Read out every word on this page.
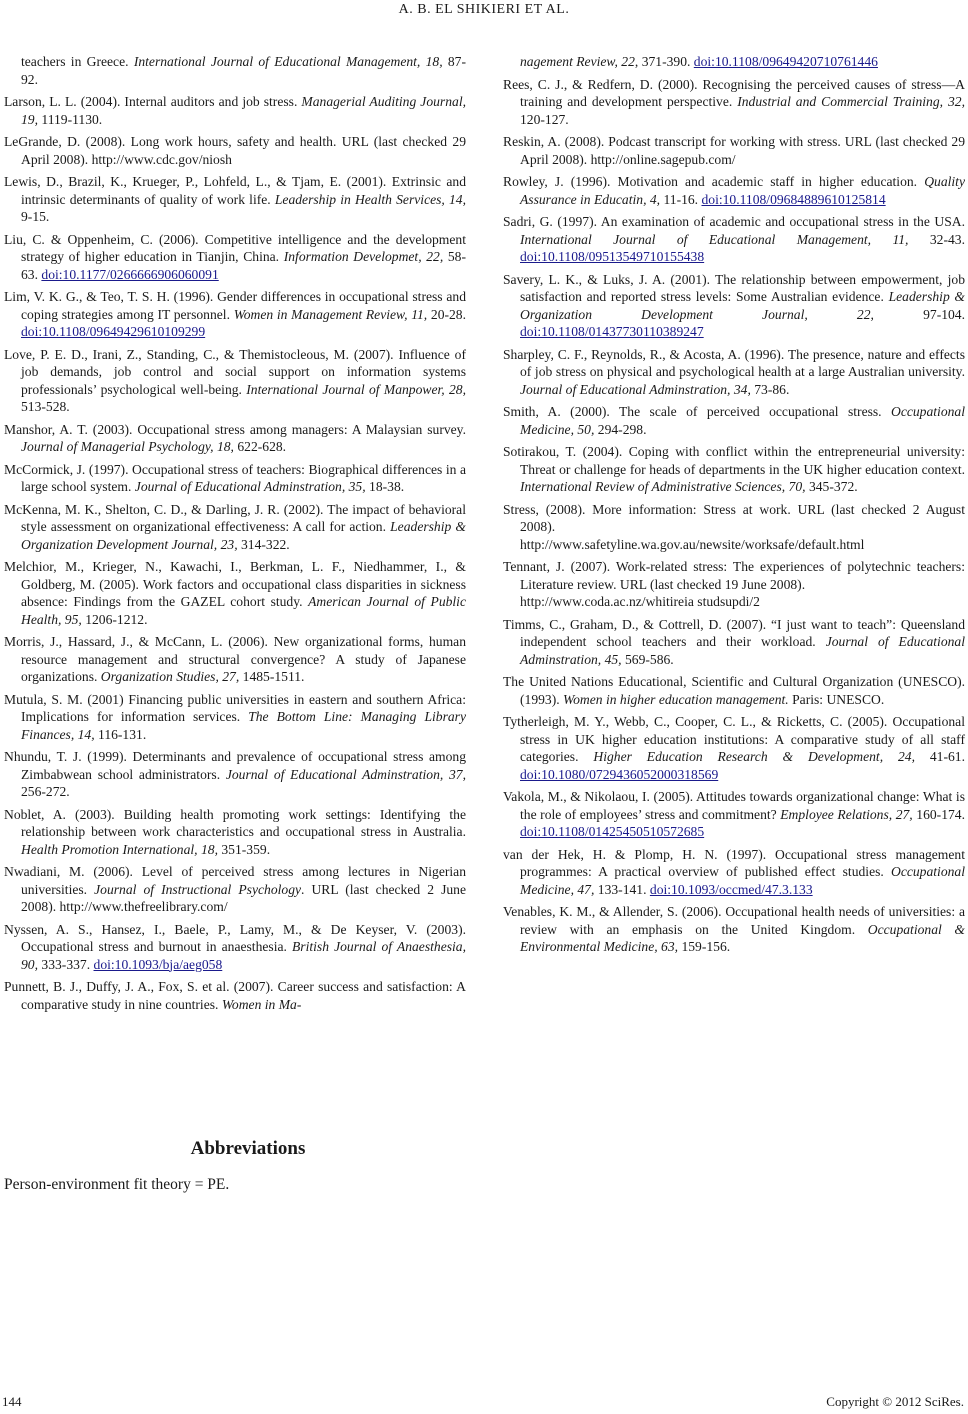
A. B. EL SHIKIERI ET AL.
teachers in Greece. International Journal of Educational Management, 18, 87-92.
Larson, L. L. (2004). Internal auditors and job stress. Managerial Auditing Journal, 19, 1119-1130.
LeGrande, D. (2008). Long work hours, safety and health. URL (last checked 29 April 2008). http://www.cdc.gov/niosh
Lewis, D., Brazil, K., Krueger, P., Lohfeld, L., & Tjam, E. (2001). Extrinsic and intrinsic determinants of quality of work life. Leadership in Health Services, 14, 9-15.
Liu, C. & Oppenheim, C. (2006). Competitive intelligence and the development strategy of higher education in Tianjin, China. Information Developmet, 22, 58-63. doi:10.1177/0266666906060091
Lim, V. K. G., & Teo, T. S. H. (1996). Gender differences in occupational stress and coping strategies among IT personnel. Women in Management Review, 11, 20-28. doi:10.1108/09649429610109299
Love, P. E. D., Irani, Z., Standing, C., & Themistocleous, M. (2007). Influence of job demands, job control and social support on information systems professionals’ psychological well-being. International Journal of Manpower, 28, 513-528.
Manshor, A. T. (2003). Occupational stress among managers: A Malaysian survey. Journal of Managerial Psychology, 18, 622-628.
McCormick, J. (1997). Occupational stress of teachers: Biographical differences in a large school system. Journal of Educational Adminstration, 35, 18-38.
McKenna, M. K., Shelton, C. D., & Darling, J. R. (2002). The impact of behavioral style assessment on organizational effectiveness: A call for action. Leadership & Organization Development Journal, 23, 314-322.
Melchior, M., Krieger, N., Kawachi, I., Berkman, L. F., Niedhammer, I., & Goldberg, M. (2005). Work factors and occupational class disparities in sickness absence: Findings from the GAZEL cohort study. American Journal of Public Health, 95, 1206-1212.
Morris, J., Hassard, J., & McCann, L. (2006). New organizational forms, human resource management and structural convergence? A study of Japanese organizations. Organization Studies, 27, 1485-1511.
Mutula, S. M. (2001) Financing public universities in eastern and southern Africa: Implications for information services. The Bottom Line: Managing Library Finances, 14, 116-131.
Nhundu, T. J. (1999). Determinants and prevalence of occupational stress among Zimbabwean school administrators. Journal of Educational Adminstration, 37, 256-272.
Noblet, A. (2003). Building health promoting work settings: Identifying the relationship between work characteristics and occupational stress in Australia. Health Promotion International, 18, 351-359.
Nwadiani, M. (2006). Level of perceived stress among lectures in Nigerian universities. Journal of Instructional Psychology. URL (last checked 2 June 2008). http://www.thefreelibrary.com/
Nyssen, A. S., Hansez, I., Baele, P., Lamy, M., & De Keyser, V. (2003). Occupational stress and burnout in anaesthesia. British Journal of Anaesthesia, 90, 333-337. doi:10.1093/bja/aeg058
Punnett, B. J., Duffy, J. A., Fox, S. et al. (2007). Career success and satisfaction: A comparative study in nine countries. Women in Ma-
nagement Review, 22, 371-390. doi:10.1108/09649420710761446
Rees, C. J., & Redfern, D. (2000). Recognising the perceived causes of stress—A training and development perspective. Industrial and Commercial Training, 32, 120-127.
Reskin, A. (2008). Podcast transcript for working with stress. URL (last checked 29 April 2008). http://online.sagepub.com/
Rowley, J. (1996). Motivation and academic staff in higher education. Quality Assurance in Educatin, 4, 11-16. doi:10.1108/09684889610125814
Sadri, G. (1997). An examination of academic and occupational stress in the USA. International Journal of Educational Management, 11, 32-43. doi:10.1108/09513549710155438
Savery, L. K., & Luks, J. A. (2001). The relationship between empowerment, job satisfaction and reported stress levels: Some Australian evidence. Leadership & Organization Development Journal, 22, 97-104. doi:10.1108/01437730110389247
Sharpley, C. F., Reynolds, R., & Acosta, A. (1996). The presence, nature and effects of job stress on physical and psychological health at a large Australian university. Journal of Educational Adminstration, 34, 73-86.
Smith, A. (2000). The scale of perceived occupational stress. Occupational Medicine, 50, 294-298.
Sotirakou, T. (2004). Coping with conflict within the entrepreneurial university: Threat or challenge for heads of departments in the UK higher education context. International Review of Administrative Sciences, 70, 345-372.
Stress, (2008). More information: Stress at work. URL (last checked 2 August 2008).
http://www.safetyline.wa.gov.au/newsite/worksafe/default.html
Tennant, J. (2007). Work-related stress: The experiences of polytechnic teachers: Literature review. URL (last checked 19 June 2008).
http://www.coda.ac.nz/whitireia studsupdi/2
Timms, C., Graham, D., & Cottrell, D. (2007). “I just want to teach”: Queensland independent school teachers and their workload. Journal of Educational Adminstration, 45, 569-586.
The United Nations Educational, Scientific and Cultural Organization (UNESCO). (1993). Women in higher education management. Paris: UNESCO.
Tytherleigh, M. Y., Webb, C., Cooper, C. L., & Ricketts, C. (2005). Occupational stress in UK higher education institutions: A comparative study of all staff categories. Higher Education Research & Development, 24, 41-61. doi:10.1080/0729436052000318569
Vakola, M., & Nikolaou, I. (2005). Attitudes towards organizational change: What is the role of employees’ stress and commitment? Employee Relations, 27, 160-174. doi:10.1108/01425450510572685
van der Hek, H. & Plomp, H. N. (1997). Occupational stress management programmes: A practical overview of published effect studies. Occupational Medicine, 47, 133-141. doi:10.1093/occmed/47.3.133
Venables, K. M., & Allender, S. (2006). Occupational health needs of universities: a review with an emphasis on the United Kingdom. Occupational & Environmental Medicine, 63, 159-156.
Abbreviations
Person-environment fit theory = PE.
144	Copyright © 2012 SciRes.
